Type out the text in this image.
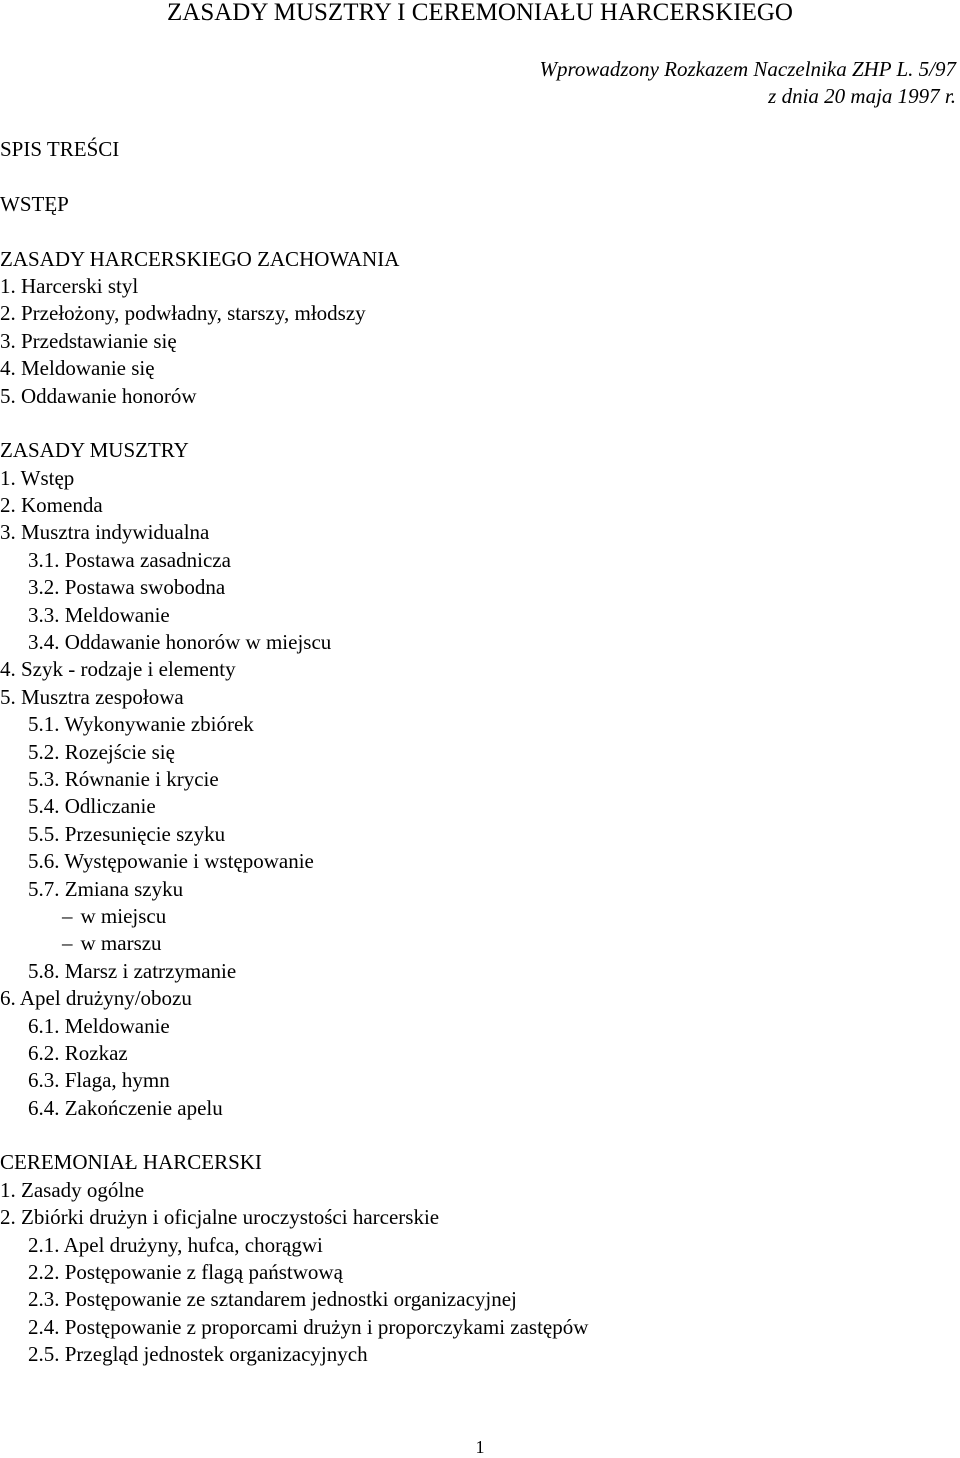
ZASADY MUSZTRY I CEREMONIAŁU HARCERSKIEGO
Wprowadzony Rozkazem Naczelnika ZHP L. 5/97
z dnia 20 maja 1997 r.
SPIS TREŚCI
WSTĘP
ZASADY HARCERSKIEGO ZACHOWANIA
1. Harcerski styl
2. Przełożony, podwładny, starszy, młodszy
3. Przedstawianie się
4. Meldowanie się
5. Oddawanie honorów
ZASADY MUSZTRY
1. Wstęp
2. Komenda
3. Musztra indywidualna
3.1. Postawa zasadnicza
3.2. Postawa swobodna
3.3. Meldowanie
3.4. Oddawanie honorów w miejscu
4. Szyk - rodzaje i elementy
5. Musztra zespołowa
5.1. Wykonywanie zbiórek
5.2. Rozejście się
5.3. Równanie i krycie
5.4. Odliczanie
5.5. Przesunięcie szyku
5.6. Występowanie i wstępowanie
5.7. Zmiana szyku
– w miejscu
– w marszu
5.8. Marsz i zatrzymanie
6. Apel drużyny/obozu
6.1. Meldowanie
6.2. Rozkaz
6.3. Flaga, hymn
6.4. Zakończenie apelu
CEREMONIAŁ HARCERSKI
1. Zasady ogólne
2. Zbiórki drużyn i oficjalne uroczystości harcerskie
2.1. Apel drużyny, hufca, chorągwi
2.2. Postępowanie z flagą państwową
2.3. Postępowanie ze sztandarem jednostki organizacyjnej
2.4. Postępowanie z proporcami drużyn i proporczykami zastępów
2.5. Przegląd jednostek organizacyjnych
1
